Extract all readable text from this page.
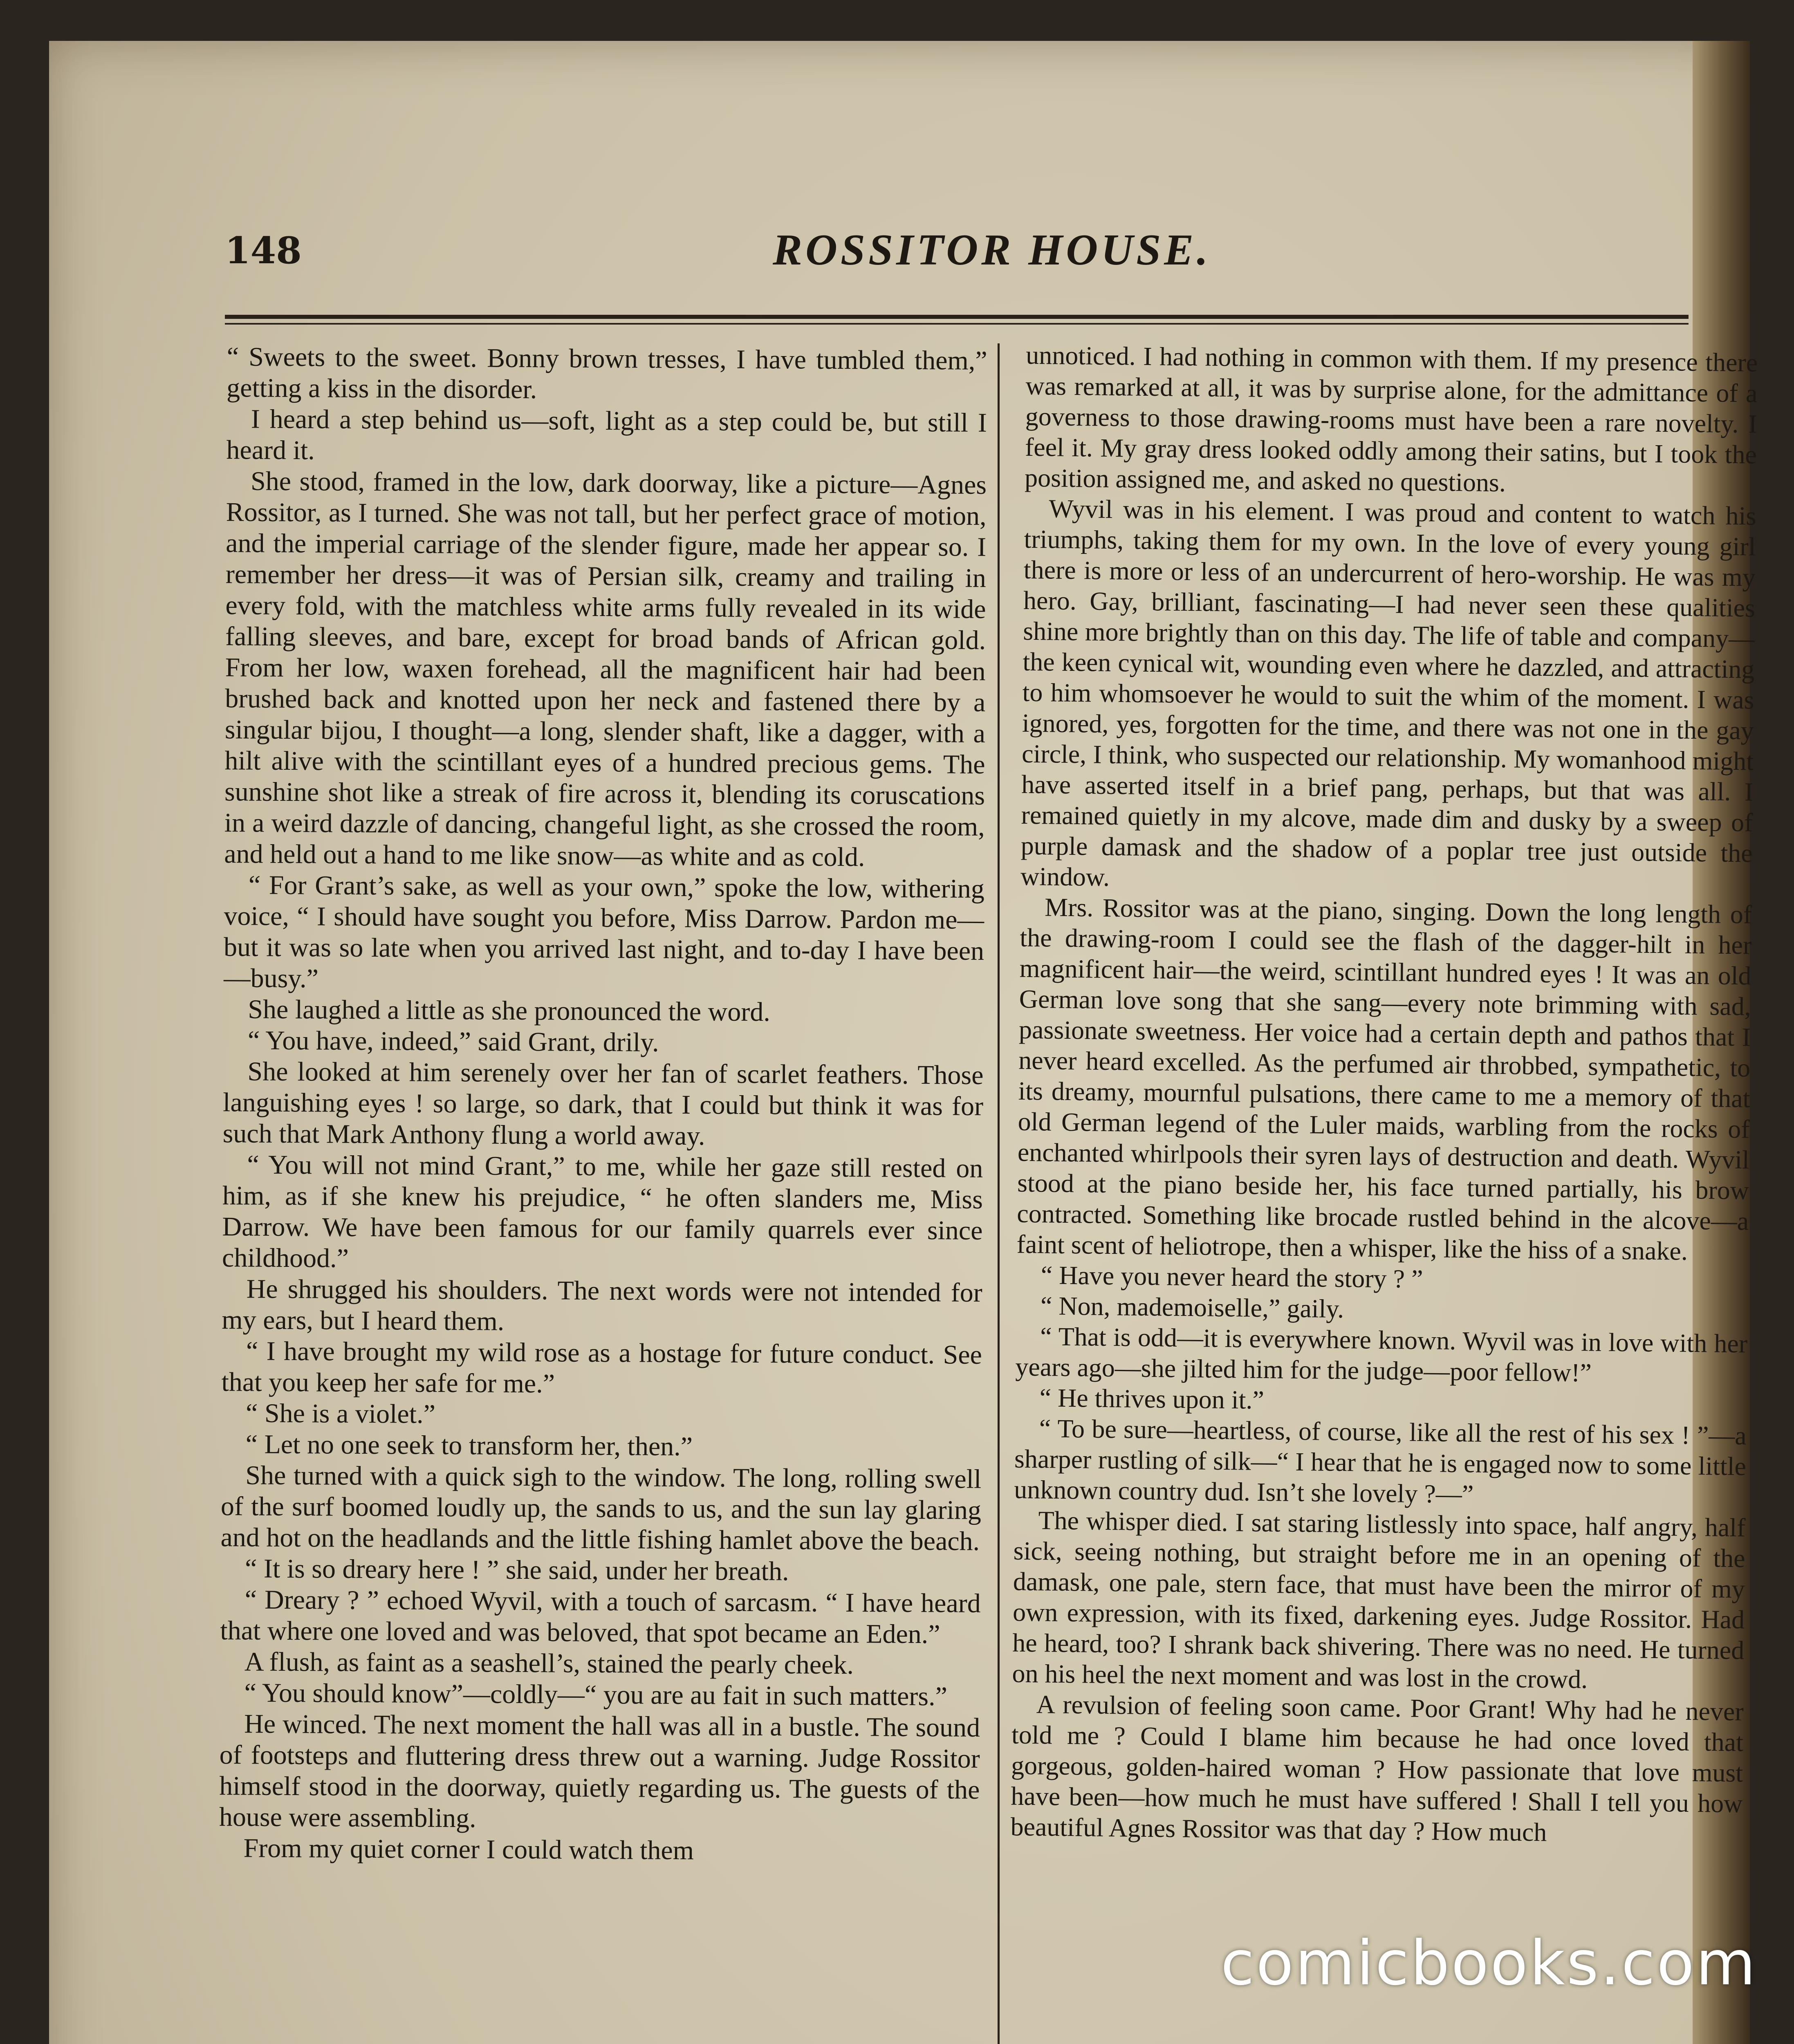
148	ROSSITOR HOUSE.

“ Sweets to the sweet. Bonny brown tresses, I have tumbled them,” getting a kiss in the disorder.

I heard a step behind us—soft, light as a step could be, but still I heard it.

She stood, framed in the low, dark doorway, like a picture—Agnes Rossitor, as I turned. She was not tall, but her perfect grace of motion, and the imperial carriage of the slender figure, made her appear so. I remember her dress—it was of Persian silk, creamy and trailing in every fold, with the matchless white arms fully revealed in its wide falling sleeves, and bare, except for broad bands of African gold. From her low, waxen forehead, all the magnificent hair had been brushed back and knotted upon her neck and fastened there by a singular bijou, I thought—a long, slender shaft, like a dagger, with a hilt alive with the scintillant eyes of a hundred precious gems. The sunshine shot like a streak of fire across it, blending its coruscations in a weird dazzle of dancing, changeful light, as she crossed the room, and held out a hand to me like snow—as white and as cold.

“ For Grant’s sake, as well as your own,” spoke the low, withering voice, “ I should have sought you before, Miss Darrow. Pardon me—but it was so late when you arrived last night, and to-day I have been—busy.”

She laughed a little as she pronounced the word.

“ You have, indeed,” said Grant, drily.

She looked at him serenely over her fan of scarlet feathers. Those languishing eyes ! so large, so dark, that I could but think it was for such that Mark Anthony flung a world away.

“ You will not mind Grant,” to me, while her gaze still rested on him, as if she knew his prejudice, “ he often slanders me, Miss Darrow. We have been famous for our family quarrels ever since childhood.”

He shrugged his shoulders. The next words were not intended for my ears, but I heard them.

“ I have brought my wild rose as a hostage for future conduct. See that you keep her safe for me.”

“ She is a violet.”

“ Let no one seek to transform her, then.”

She turned with a quick sigh to the window. The long, rolling swell of the surf boomed loudly up, the sands to us, and the sun lay glaring and hot on the headlands and the little fishing hamlet above the beach.

“ It is so dreary here ! ” she said, under her breath.

“ Dreary ? ” echoed Wyvil, with a touch of sarcasm. “ I have heard that where one loved and was beloved, that spot became an Eden.”

A flush, as faint as a seashell’s, stained the pearly cheek.

“ You should know”—coldly—“ you are au fait in such matters.”

He winced. The next moment the hall was all in a bustle. The sound of footsteps and fluttering dress threw out a warning. Judge Rossitor himself stood in the doorway, quietly regarding us. The guests of the house were assembling.

From my quiet corner I could watch them

unnoticed. I had nothing in common with them. If my presence there was remarked at all, it was by surprise alone, for the admittance of a governess to those drawing-rooms must have been a rare novelty. I feel it. My gray dress looked oddly among their satins, but I took the position assigned me, and asked no questions.

Wyvil was in his element. I was proud and content to watch his triumphs, taking them for my own. In the love of every young girl there is more or less of an undercurrent of hero-worship. He was my hero. Gay, brilliant, fascinating—I had never seen these qualities shine more brightly than on this day. The life of table and company—the keen cynical wit, wounding even where he dazzled, and attracting to him whomsoever he would to suit the whim of the moment. I was ignored, yes, forgotten for the time, and there was not one in the gay circle, I think, who suspected our relationship. My womanhood might have asserted itself in a brief pang, perhaps, but that was all. I remained quietly in my alcove, made dim and dusky by a sweep of purple damask and the shadow of a poplar tree just outside the window.

Mrs. Rossitor was at the piano, singing. Down the long length of the drawing-room I could see the flash of the dagger-hilt in her magnificent hair—the weird, scintillant hundred eyes ! It was an old German love song that she sang—every note brimming with sad, passionate sweetness. Her voice had a certain depth and pathos that I never heard excelled. As the perfumed air throbbed, sympathetic, to its dreamy, mournful pulsations, there came to me a memory of that old German legend of the Luler maids, warbling from the rocks of enchanted whirlpools their syren lays of destruction and death. Wyvil stood at the piano beside her, his face turned partially, his brow contracted. Something like brocade rustled behind in the alcove—a faint scent of heliotrope, then a whisper, like the hiss of a snake.

“ Have you never heard the story ? ”

“ Non, mademoiselle,” gaily.

“ That is odd—it is everywhere known. Wyvil was in love with her years ago—she jilted him for the judge—poor fellow!”

“ He thrives upon it.”

“ To be sure—heartless, of course, like all the rest of his sex ! ”—a sharper rustling of silk—“ I hear that he is engaged now to some little unknown country dud. Isn’t she lovely ?—”

The whisper died. I sat staring listlessly into space, half angry, half sick, seeing nothing, but straight before me in an opening of the damask, one pale, stern face, that must have been the mirror of my own expression, with its fixed, darkening eyes. Judge Rossitor. Had he heard, too? I shrank back shivering. There was no need. He turned on his heel the next moment and was lost in the crowd.

A revulsion of feeling soon came. Poor Grant! Why had he never told me ? Could I blame him because he had once loved that gorgeous, golden-haired woman ? How passionate that love must have been—how much he must have suffered ! Shall I tell you how beautiful Agnes Rossitor was that day ? How much

comicbooks.com
